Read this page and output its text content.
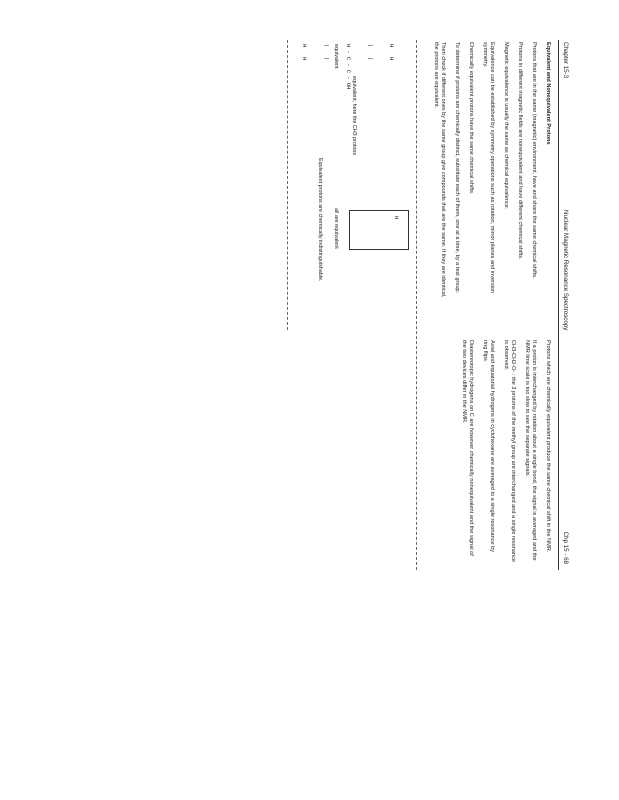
Chapter 15-3
Nuclear Magnetic Resonance Spectroscopy
Chp 15 - 68

Equivalent and Nonequivalent Protons

Protons that are in the same (magnetic) environment, have and share the same chemical shifts.

Protons in different magnetic fields are nonequivalent and have different chemical shifts.

Magnetic equivalence is usually the same as chemical equivalence.

Equivalence can be established by symmetry operations such as rotation, mirror planes and inversion symmetry.

Chemically equivalent protons have the same chemical shifts.

To determine if protons are chemically distinct, substitute each of them, one at a time, by a test group.

Then check if different ones by the same group give compounds that are the same. If they are identical, the protons are equivalent.

H   H

|   |

H - C - C - OH

|   |

H   H

equivalent; here the CH3 protons
equivalent
H
all are equivalent
Equivalent protons are chemically indistinguishable.

Protons which are chemically equivalent produce the same chemical shift in the NMR.

If a proton is interchanged by rotation about a single bond, the signal is averaged and the NMR time scale is too slow to see the separate signals.

CH3-CH2-O- : the 3 protons of the methyl group are interchanged and a single resonance is observed.

Axial and equatorial hydrogens in cyclohexane are averaged to a single resonance by ring flips.

Diastereotopic hydrogens on C are however chemically nonequivalent and the signal of the two devices differ in the NMR.
